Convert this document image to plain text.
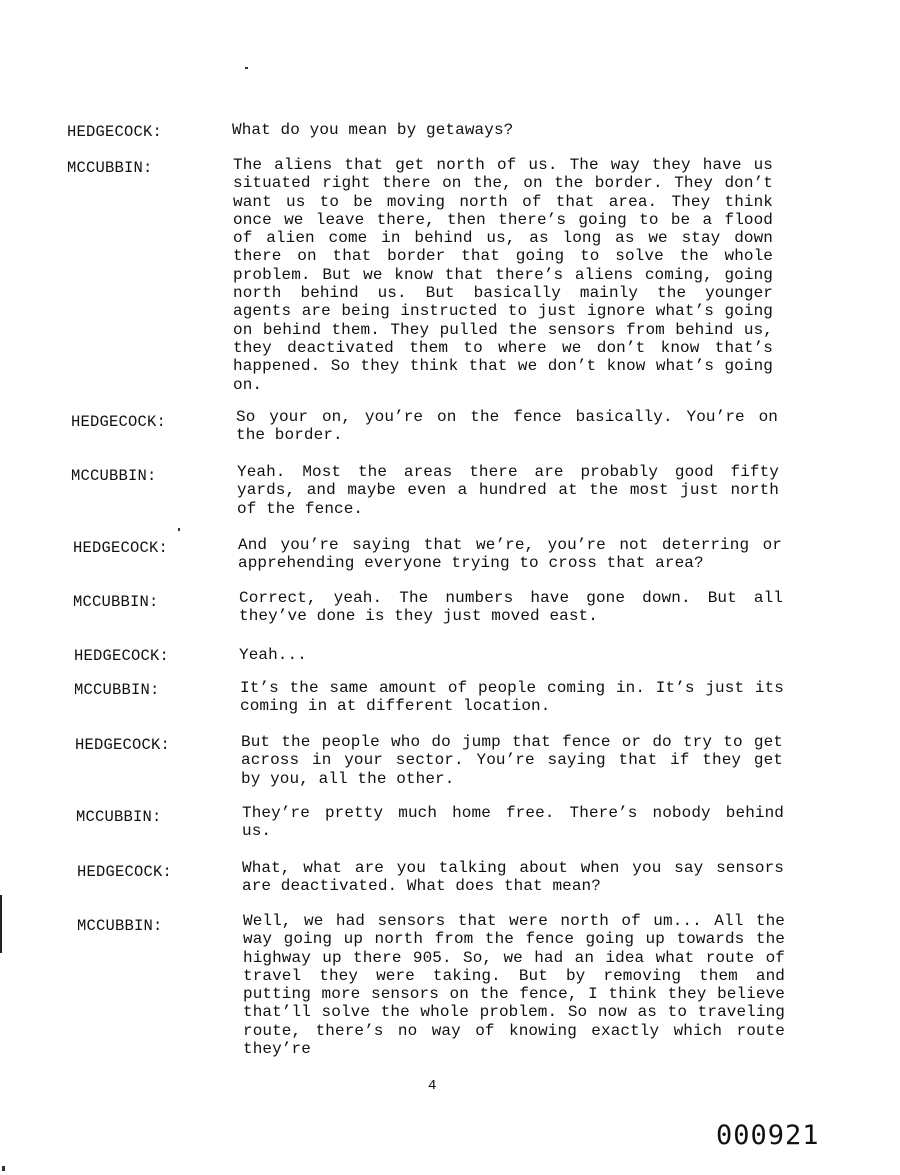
HEDGECOCK:	What do you mean by getaways?
MCCUBBIN:	The aliens that get north of us. The way they have us situated right there on the, on the border. They don’t want us to be moving north of that area. They think once we leave there, then there’s going to be a flood of alien come in behind us, as long as we stay down there on that border that going to solve the whole problem. But we know that there’s aliens coming, going north behind us. But basically mainly the younger agents are being instructed to just ignore what’s going on behind them. They pulled the sensors from behind us, they deactivated them to where we don’t know that’s happened. So they think that we don’t know what’s going on.
HEDGECOCK:	So your on, you’re on the fence basically. You’re on the border.
MCCUBBIN:	Yeah. Most the areas there are probably good fifty yards, and maybe even a hundred at the most just north of the fence.
HEDGECOCK:	And you’re saying that we’re, you’re not deterring or apprehending everyone trying to cross that area?
MCCUBBIN:	Correct, yeah. The numbers have gone down. But all they’ve done is they just moved east.
HEDGECOCK:	Yeah...
MCCUBBIN:	It’s the same amount of people coming in. It’s just its coming in at different location.
HEDGECOCK:	But the people who do jump that fence or do try to get across in your sector. You’re saying that if they get by you, all the other.
MCCUBBIN:	They’re pretty much home free. There’s nobody behind us.
HEDGECOCK:	What, what are you talking about when you say sensors are deactivated. What does that mean?
MCCUBBIN:	Well, we had sensors that were north of um... All the way going up north from the fence going up towards the highway up there 905. So, we had an idea what route of travel they were taking. But by removing them and putting more sensors on the fence, I think they believe that’ll solve the whole problem. So now as to traveling route, there’s no way of knowing exactly which route they’re
4
000921
